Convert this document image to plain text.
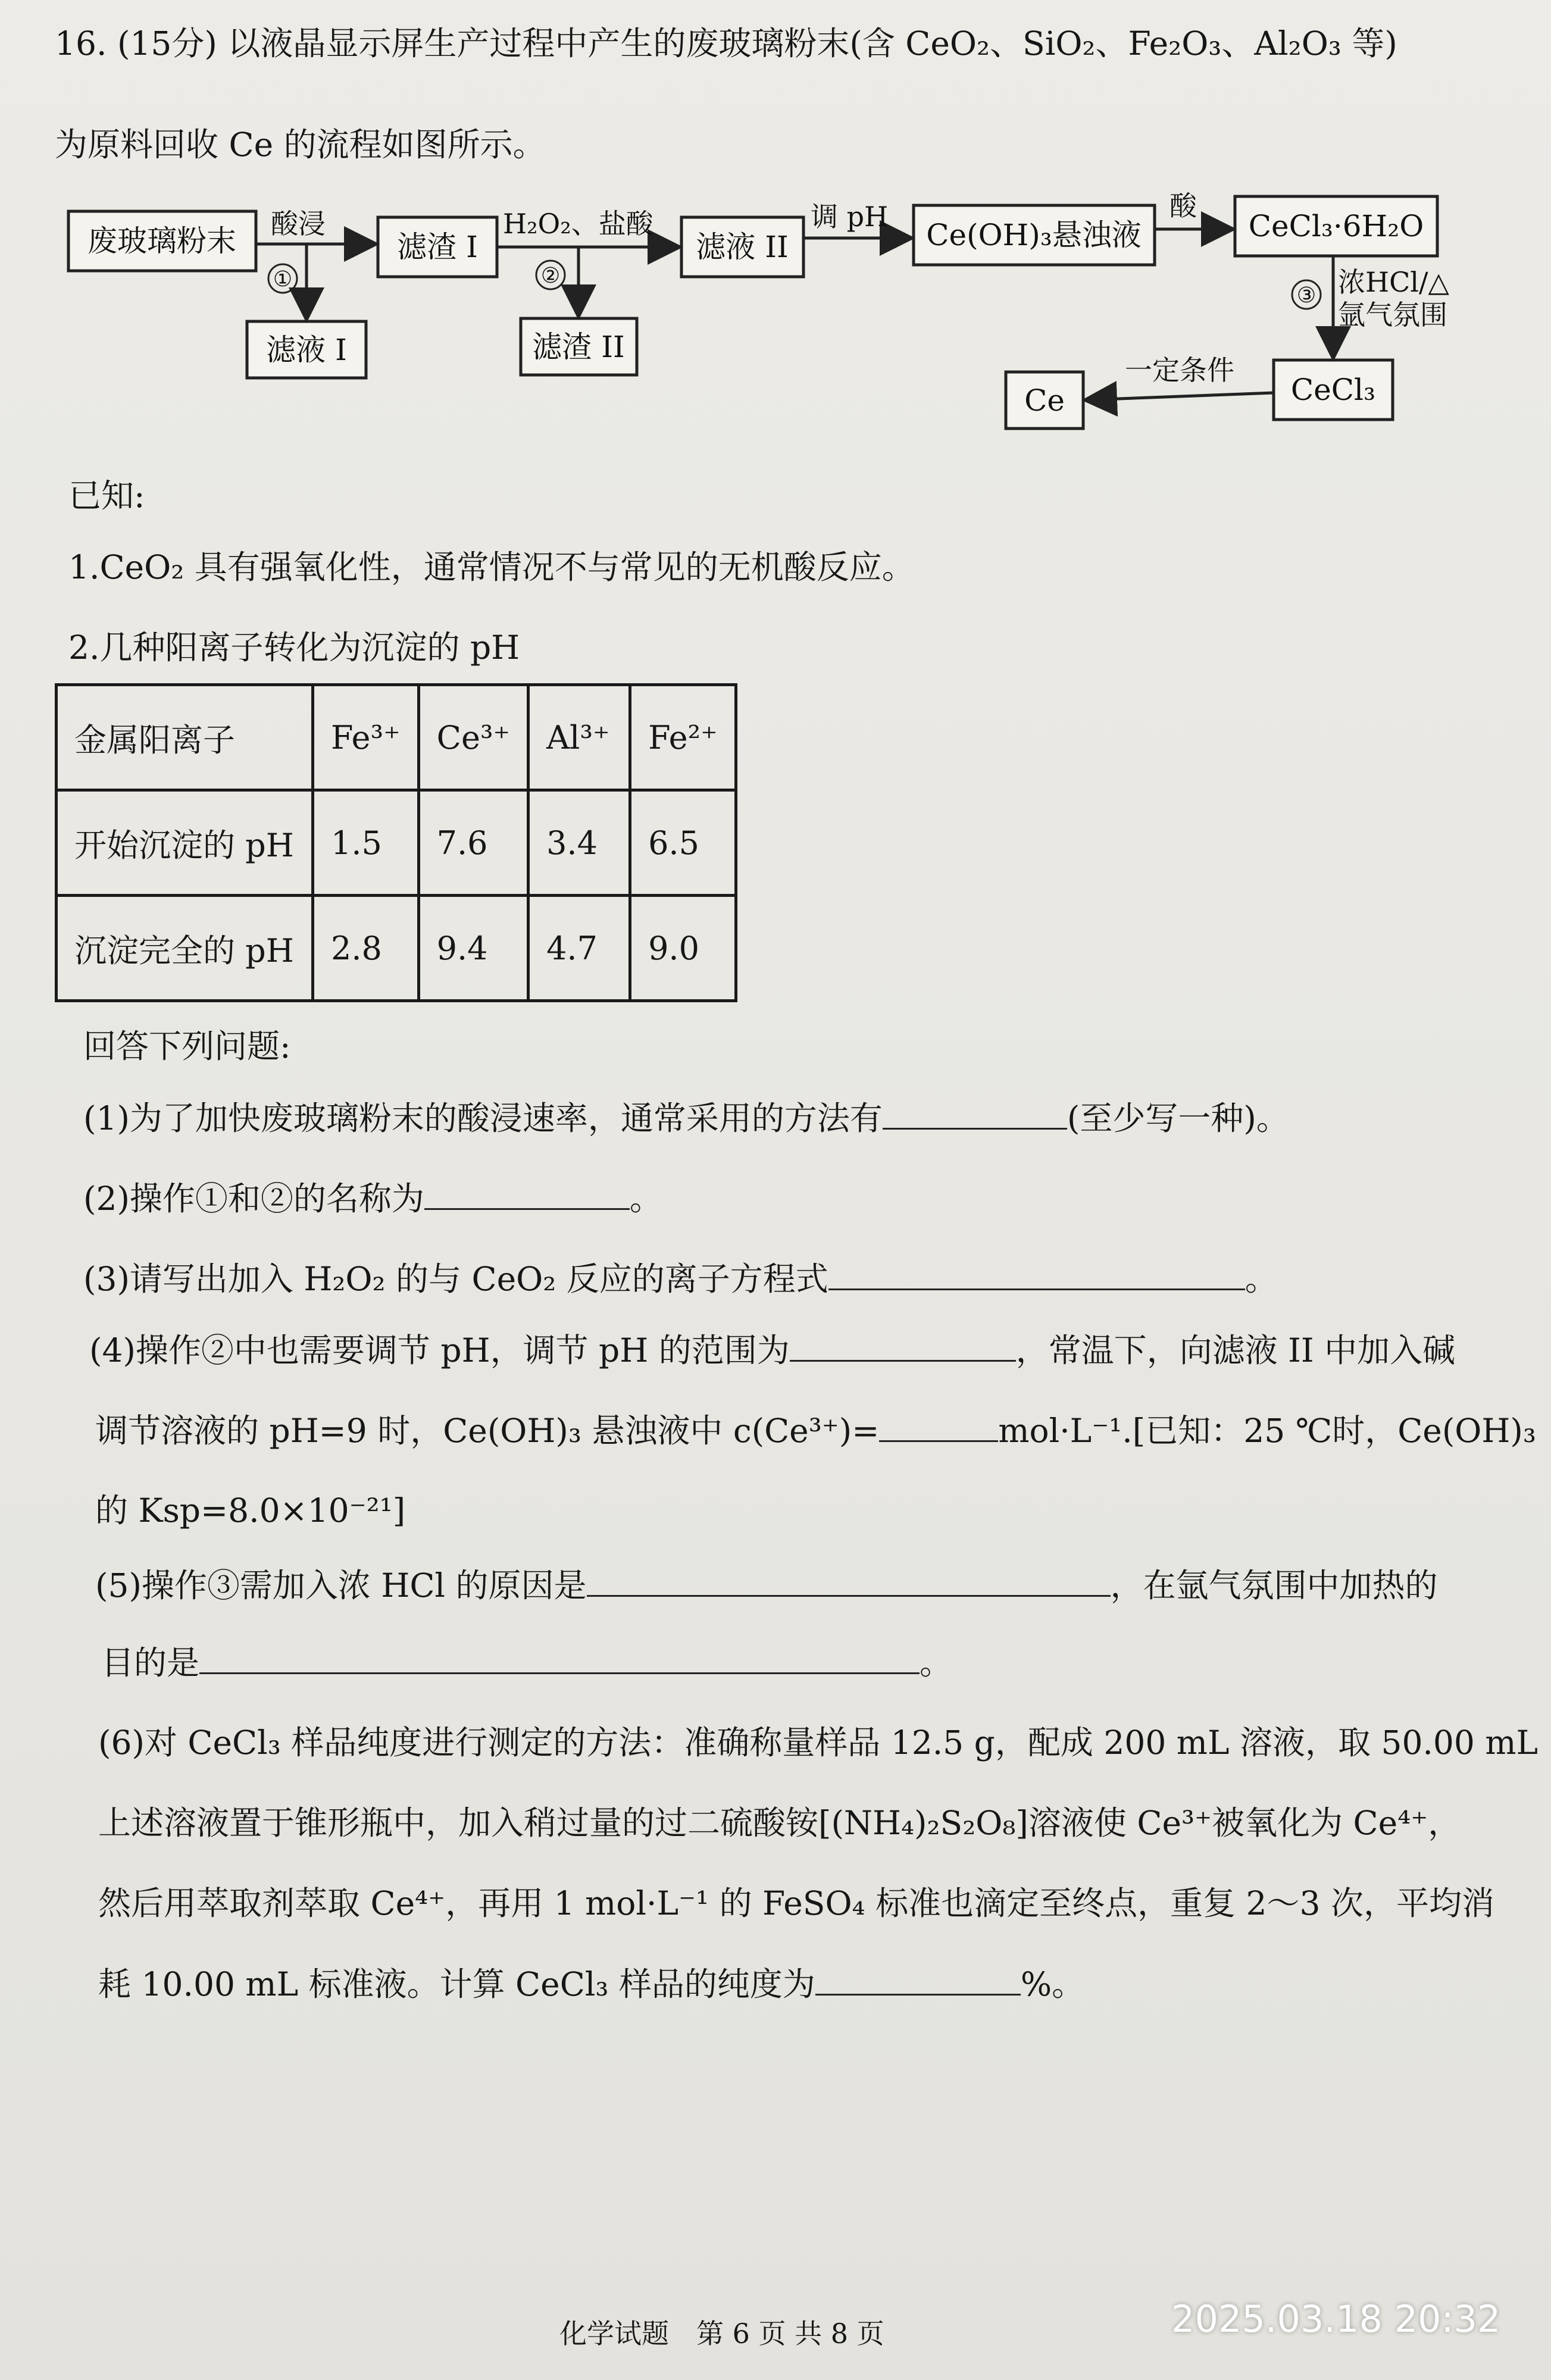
16. (15分) 以液晶显示屏生产过程中产生的废玻璃粉末(含 CeO₂、SiO₂、Fe₂O₃、Al₂O₃ 等)
为原料回收 Ce 的流程如图所示。
废玻璃粉末	滤渣 I	滤液 II	Ce(OH)₃悬浊液	CeCl₃·6H₂O
滤液 I	滤渣 II
CeCl₃
Ce
酸浸
①
H₂O₂、盐酸
②
调 pH	酸
③ 浓HCl/△
氩气氛围
一定条件
已知:
1.CeO₂ 具有强氧化性，通常情况不与常见的无机酸反应。
2.几种阳离子转化为沉淀的 pH
金属阳离子	Fe³⁺	Ce³⁺	Al³⁺	Fe²⁺
开始沉淀的 pH	1.5	7.6	3.4	6.5
沉淀完全的 pH	2.8	9.4	4.7	9.0
回答下列问题:
(1)为了加快废玻璃粉末的酸浸速率，通常采用的方法有	(至少写一种)。
(2)操作①和②的名称为	。
(3)请写出加入 H₂O₂ 的与 CeO₂ 反应的离子方程式	。
(4)操作②中也需要调节 pH，调节 pH 的范围为	，常温下，向滤液 II 中加入碱
调节溶液的 pH=9 时，Ce(OH)₃ 悬浊液中 c(Ce³⁺)=	mol·L⁻¹.[已知：25 ℃时，Ce(OH)₃
的 Ksp=8.0×10⁻²¹]
(5)操作③需加入浓 HCl 的原因是	，在氩气氛围中加热的
目的是	。
(6)对 CeCl₃ 样品纯度进行测定的方法：准确称量样品 12.5 g，配成 200 mL 溶液，取 50.00 mL
上述溶液置于锥形瓶中，加入稍过量的过二硫酸铵[(NH₄)₂S₂O₈]溶液使 Ce³⁺被氧化为 Ce⁴⁺，
然后用萃取剂萃取 Ce⁴⁺，再用 1 mol·L⁻¹ 的 FeSO₄ 标准也滴定至终点，重复 2～3 次，平均消
耗 10.00 mL 标准液。计算 CeCl₃ 样品的纯度为	%。
化学试题　第 6 页 共 8 页	2025.03.18 20:32
